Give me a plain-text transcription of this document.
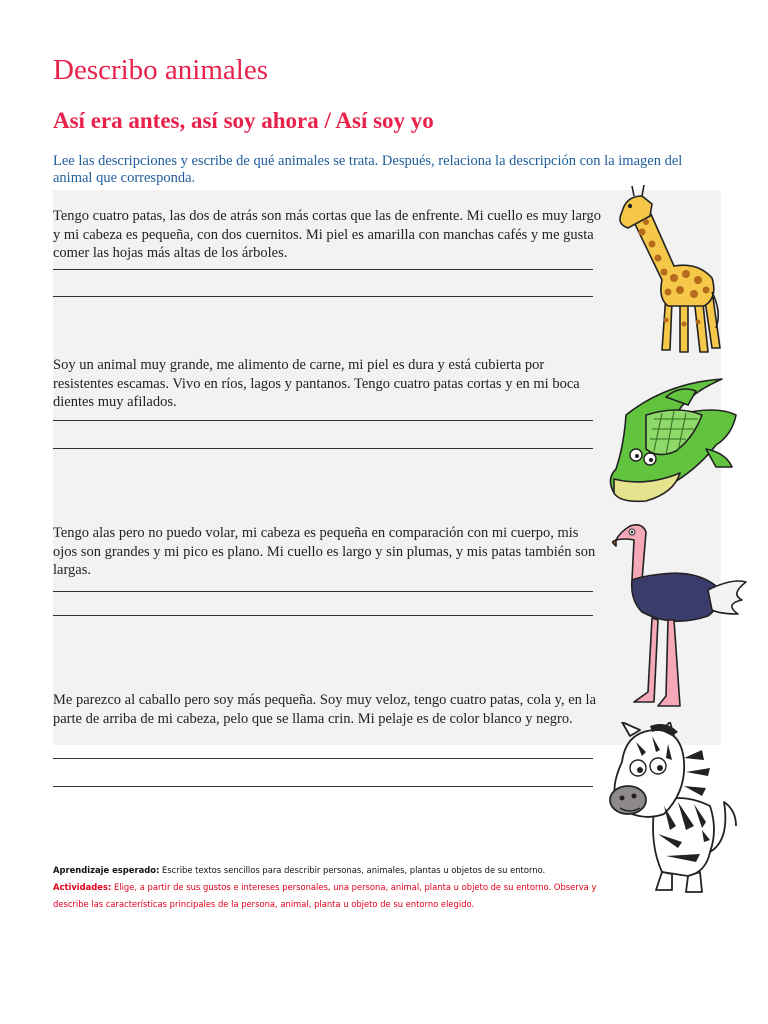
Describo animales
Así era antes, así soy ahora / Así soy yo

Lee las descripciones y escribe de qué animales se trata. Después, relaciona la descripción con la imagen del animal que corresponda.

Tengo cuatro patas, las dos de atrás son más cortas que las de enfrente. Mi cuello es muy largo y mi cabeza es pequeña, con dos cuernitos. Mi piel es amarilla con manchas cafés y me gusta comer las hojas más altas de los árboles.

Soy un animal muy grande, me alimento de carne, mi piel es dura y está cubierta por resistentes escamas. Vivo en ríos, lagos y pantanos. Tengo cuatro patas cortas y en mi boca dientes muy afilados.

Tengo alas pero no puedo volar, mi cabeza es pequeña en comparación con mi cuerpo, mis ojos son grandes y mi pico es plano. Mi cuello es largo y sin plumas, y mis patas también son largas.

Me parezco al caballo pero soy más pequeña. Soy muy veloz, tengo cuatro patas, cola y, en la parte de arriba de mi cabeza, pelo que se llama crin. Mi pelaje es de color blanco y negro.

Aprendizaje esperado: Escribe textos sencillos para describir personas, animales, plantas u objetos de su entorno.
Actividades: Elige, a partir de sus gustos e intereses personales, una persona, animal, planta u objeto de su entorno. Observa y describe las características principales de la persona, animal, planta u objeto de su entorno elegido.
